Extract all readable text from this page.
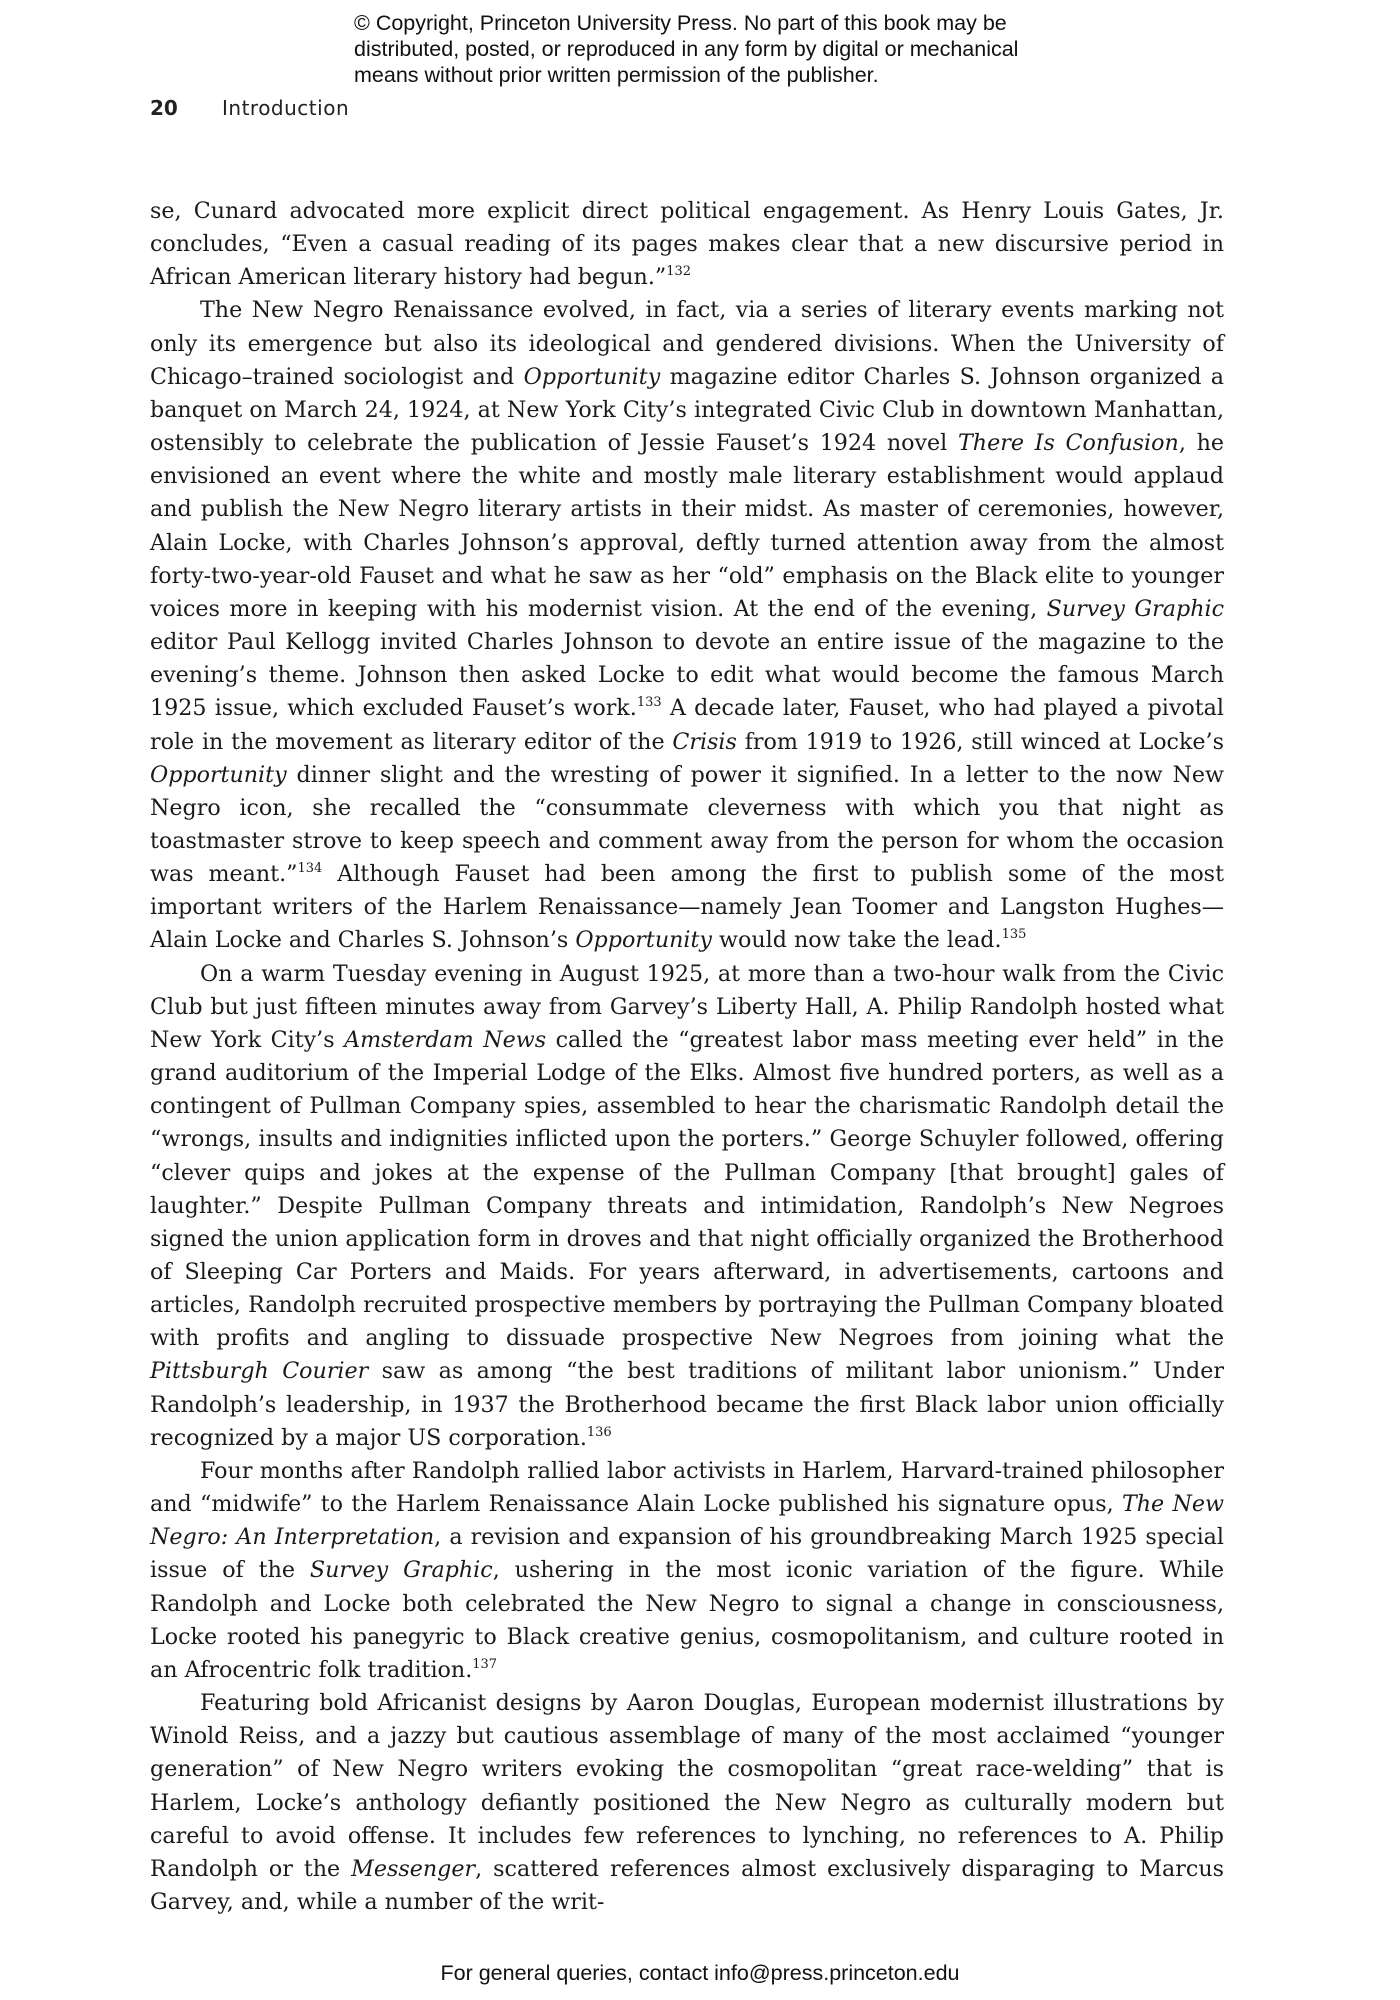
© Copyright, Princeton University Press. No part of this book may be
distributed, posted, or reproduced in any form by digital or mechanical
means without prior written permission of the publisher.
20 Introduction

se, Cunard advocated more explicit direct political engagement. As Henry Louis Gates, Jr. concludes, “Even a casual reading of its pages makes clear that a new discursive period in African American literary history had begun.”$^{132}$

The New Negro Renaissance evolved, in fact, via a series of literary events marking not only its emergence but also its ideological and gendered divisions. When the University of Chicago–trained sociologist and Opportunity magazine editor Charles S. Johnson organized a banquet on March 24, 1924, at New York City’s integrated Civic Club in downtown Manhattan, ostensibly to celebrate the publication of Jessie Fauset’s 1924 novel There Is Confusion, he envisioned an event where the white and mostly male literary establishment would applaud and publish the New Negro literary artists in their midst. As master of ceremonies, however, Alain Locke, with Charles Johnson’s approval, deftly turned attention away from the almost forty-two-year-old Fauset and what he saw as her “old” emphasis on the Black elite to younger voices more in keeping with his modernist vision. At the end of the evening, Survey Graphic editor Paul Kellogg invited Charles Johnson to devote an entire issue of the magazine to the evening’s theme. Johnson then asked Locke to edit what would become the famous March 1925 issue, which excluded Fauset’s work.$^{133}$ A decade later, Fauset, who had played a pivotal role in the movement as literary editor of the Crisis from 1919 to 1926, still winced at Locke’s Opportunity dinner slight and the wresting of power it signified. In a letter to the now New Negro icon, she recalled the “consummate cleverness with which you that night as toastmaster strove to keep speech and comment away from the person for whom the occasion was meant.”$^{134}$ Although Fauset had been among the first to publish some of the most important writers of the Harlem Renaissance—namely Jean Toomer and Langston Hughes—Alain Locke and Charles S. Johnson’s Opportunity would now take the lead.$^{135}$

On a warm Tuesday evening in August 1925, at more than a two-hour walk from the Civic Club but just fifteen minutes away from Garvey’s Liberty Hall, A. Philip Randolph hosted what New York City’s Amsterdam News called the “greatest labor mass meeting ever held” in the grand auditorium of the Imperial Lodge of the Elks. Almost five hundred porters, as well as a contingent of Pullman Company spies, assembled to hear the charismatic Randolph detail the “wrongs, insults and indignities inflicted upon the porters.” George Schuyler followed, offering “clever quips and jokes at the expense of the Pullman Company [that brought] gales of laughter.” Despite Pullman Company threats and intimidation, Randolph’s New Negroes signed the union application form in droves and that night officially organized the Brotherhood of Sleeping Car Porters and Maids. For years afterward, in advertisements, cartoons and articles, Randolph recruited prospective members by portraying the Pullman Company bloated with profits and angling to dissuade prospective New Negroes from joining what the Pittsburgh Courier saw as among “the best traditions of militant labor unionism.” Under Randolph’s leadership, in 1937 the Brotherhood became the first Black labor union officially recognized by a major US corporation.$^{136}$

Four months after Randolph rallied labor activists in Harlem, Harvard-trained philosopher and “midwife” to the Harlem Renaissance Alain Locke published his signature opus, The New Negro: An Interpretation, a revision and expansion of his groundbreaking March 1925 special issue of the Survey Graphic, ushering in the most iconic variation of the figure. While Randolph and Locke both celebrated the New Negro to signal a change in consciousness, Locke rooted his panegyric to Black creative genius, cosmopolitanism, and culture rooted in an Afrocentric folk tradition.$^{137}$

Featuring bold Africanist designs by Aaron Douglas, European modernist illustrations by Winold Reiss, and a jazzy but cautious assemblage of many of the most acclaimed “younger generation” of New Negro writers evoking the cosmopolitan “great race-welding” that is Harlem, Locke’s anthology defiantly positioned the New Negro as culturally modern but careful to avoid offense. It includes few references to lynching, no references to A. Philip Randolph or the Messenger, scattered references almost exclusively disparaging to Marcus Garvey, and, while a number of the writ-

For general queries, contact info@press.princeton.edu
